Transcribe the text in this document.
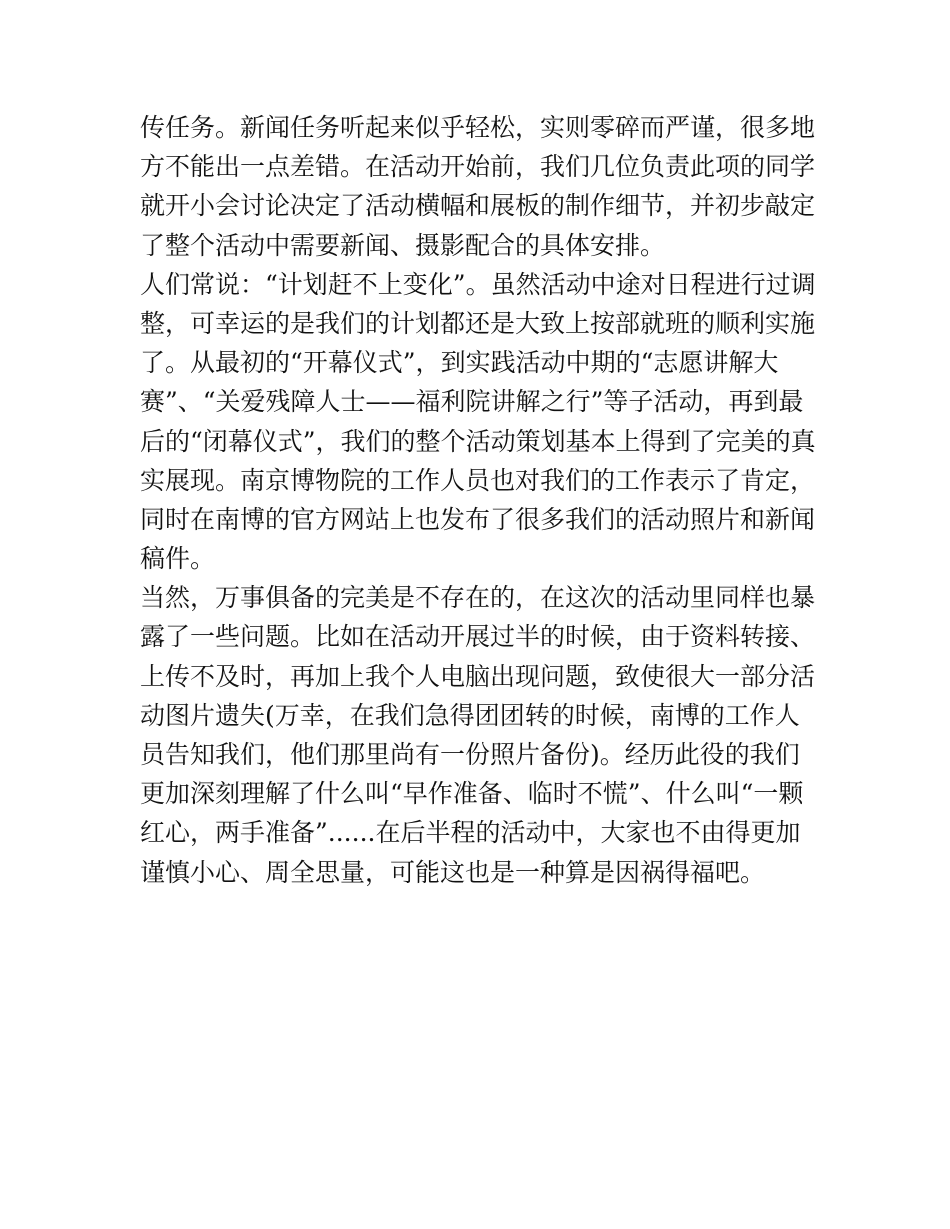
传任务。新闻任务听起来似乎轻松，实则零碎而严谨，很多地
方不能出一点差错。在活动开始前，我们几位负责此项的同学
就开小会讨论决定了活动横幅和展板的制作细节，并初步敲定
了整个活动中需要新闻、摄影配合的具体安排。
人们常说：“计划赶不上变化”。虽然活动中途对日程进行过调
整，可幸运的是我们的计划都还是大致上按部就班的顺利实施
了。从最初的“开幕仪式”，到实践活动中期的“志愿讲解大
赛”、“关爱残障人士——福利院讲解之行”等子活动，再到最
后的“闭幕仪式”，我们的整个活动策划基本上得到了完美的真
实展现。南京博物院的工作人员也对我们的工作表示了肯定，
同时在南博的官方网站上也发布了很多我们的活动照片和新闻
稿件。
当然，万事俱备的完美是不存在的，在这次的活动里同样也暴
露了一些问题。比如在活动开展过半的时候，由于资料转接、
上传不及时，再加上我个人电脑出现问题，致使很大一部分活
动图片遗失(万幸，在我们急得团团转的时候，南博的工作人
员告知我们，他们那里尚有一份照片备份)。经历此役的我们
更加深刻理解了什么叫“早作准备、临时不慌”、什么叫“一颗
红心，两手准备”......在后半程的活动中，大家也不由得更加
谨慎小心、周全思量，可能这也是一种算是因祸得福吧。
